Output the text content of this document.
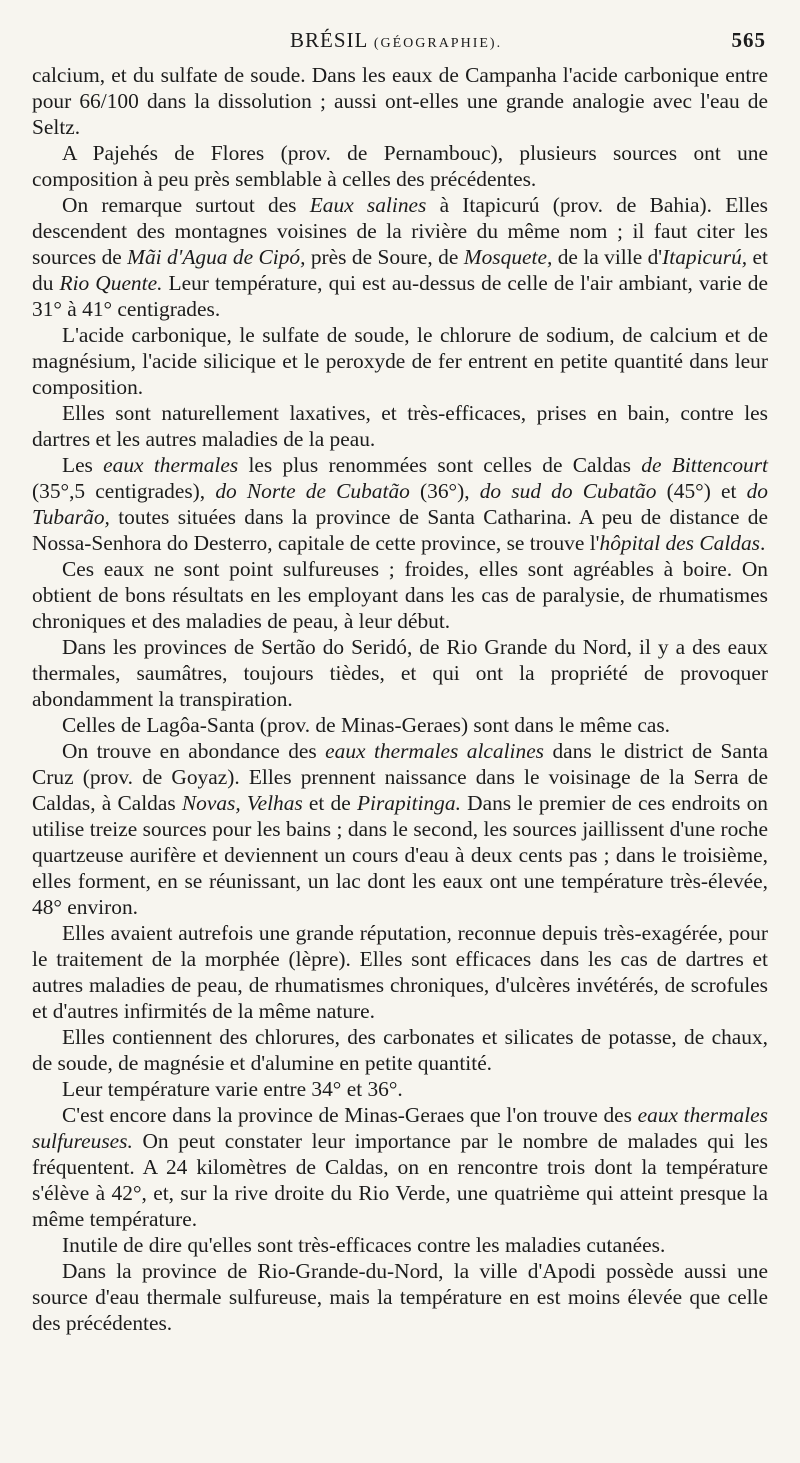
BRÉSIL (GÉOGRAPHIE).	565

calcium, et du sulfate de soude. Dans les eaux de Campanha l'acide carbonique entre pour 66/100 dans la dissolution ; aussi ont-elles une grande analogie avec l'eau de Seltz.

A Pajehés de Flores (prov. de Pernambouc), plusieurs sources ont une composition à peu près semblable à celles des précédentes.

On remarque surtout des Eaux salines à Itapicurú (prov. de Bahia). Elles descendent des montagnes voisines de la rivière du même nom ; il faut citer les sources de Mãi d'Agua de Cipó, près de Soure, de Mosquete, de la ville d'Itapicurú, et du Rio Quente. Leur température, qui est au-dessus de celle de l'air ambiant, varie de 31° à 41° centigrades.

L'acide carbonique, le sulfate de soude, le chlorure de sodium, de calcium et de magnésium, l'acide silicique et le peroxyde de fer entrent en petite quantité dans leur composition.

Elles sont naturellement laxatives, et très-efficaces, prises en bain, contre les dartres et les autres maladies de la peau.

Les eaux thermales les plus renommées sont celles de Caldas de Bittencourt (35°,5 centigrades), do Norte de Cubatão (36°), do sud do Cubatão (45°) et do Tubarão, toutes situées dans la province de Santa Catharina. A peu de distance de Nossa-Senhora do Desterro, capitale de cette province, se trouve l'hôpital des Caldas.

Ces eaux ne sont point sulfureuses ; froides, elles sont agréables à boire. On obtient de bons résultats en les employant dans les cas de paralysie, de rhumatismes chroniques et des maladies de peau, à leur début.

Dans les provinces de Sertão do Seridó, de Rio Grande du Nord, il y a des eaux thermales, saumâtres, toujours tièdes, et qui ont la propriété de provoquer abondamment la transpiration.

Celles de Lagôa-Santa (prov. de Minas-Geraes) sont dans le même cas.

On trouve en abondance des eaux thermales alcalines dans le district de Santa Cruz (prov. de Goyaz). Elles prennent naissance dans le voisinage de la Serra de Caldas, à Caldas Novas, Velhas et de Pirapitinga. Dans le premier de ces endroits on utilise treize sources pour les bains ; dans le second, les sources jaillissent d'une roche quartzeuse aurifère et deviennent un cours d'eau à deux cents pas ; dans le troisième, elles forment, en se réunissant, un lac dont les eaux ont une température très-élevée, 48° environ.

Elles avaient autrefois une grande réputation, reconnue depuis très-exagérée, pour le traitement de la morphée (lèpre). Elles sont efficaces dans les cas de dartres et autres maladies de peau, de rhumatismes chroniques, d'ulcères invétérés, de scrofules et d'autres infirmités de la même nature.

Elles contiennent des chlorures, des carbonates et silicates de potasse, de chaux, de soude, de magnésie et d'alumine en petite quantité.

Leur température varie entre 34° et 36°.

C'est encore dans la province de Minas-Geraes que l'on trouve des eaux thermales sulfureuses. On peut constater leur importance par le nombre de malades qui les fréquentent. A 24 kilomètres de Caldas, on en rencontre trois dont la température s'élève à 42°, et, sur la rive droite du Rio Verde, une quatrième qui atteint presque la même température.

Inutile de dire qu'elles sont très-efficaces contre les maladies cutanées.

Dans la province de Rio-Grande-du-Nord, la ville d'Apodi possède aussi une source d'eau thermale sulfureuse, mais la température en est moins élevée que celle des précédentes.
